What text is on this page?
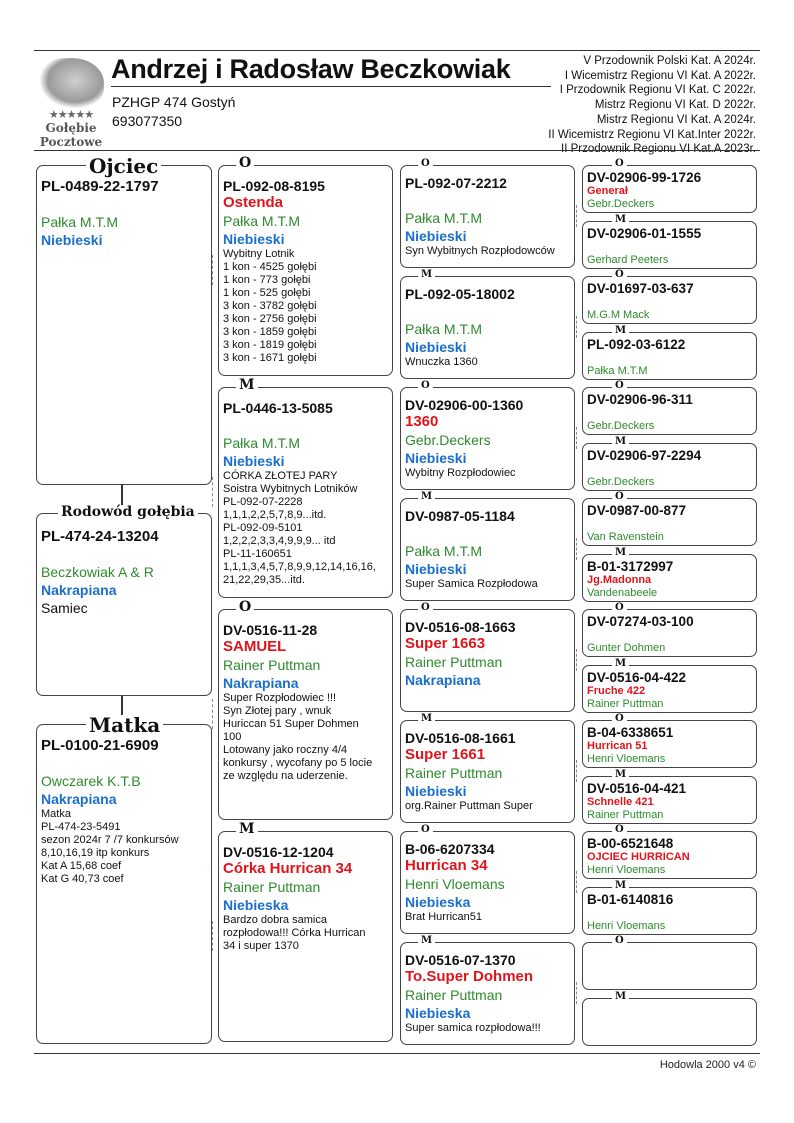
★★★★★
Gołębie
Pocztowe
Andrzej i Radosław Beczkowiak
PZHGP 474 Gostyń
693077350
V Przodownik Polski Kat. A 2024r.
I Wicemistrz Regionu VI Kat. A 2022r.
I Przodownik Regionu VI Kat. C 2022r.
Mistrz Regionu VI Kat. D 2022r.
Mistrz Regionu VI Kat. A 2024r.
II Wicemistrz Regionu VI Kat.Inter 2022r.
II Przodownik Regionu VI Kat.A 2023r.
PL-0489-22-1797
Pałka M.T.M
Niebieski
Ojciec
PL-474-24-13204
Beczkowiak A & R
Nakrapiana
Samiec
Rodowód gołębia
PL-0100-21-6909
Owczarek K.T.B
Nakrapiana
Matka
PL-474-23-5491
sezon 2024r 7 /7 konkursów
8,10,16,19 itp konkurs
Kat A 15,68 coef
Kat G 40,73 coef
Matka
PL-092-08-8195
Ostenda
Pałka M.T.M
Niebieski
Wybitny Lotnik
1 kon - 4525 gołębi
1 kon - 773 gołębi
1 kon - 525 gołębi
3 kon - 3782 gołębi
3 kon - 2756 gołębi
3 kon - 1859 gołębi
3 kon - 1819 gołębi
3 kon - 1671 gołębi
O
PL-0446-13-5085
Pałka M.T.M
Niebieski
CÓRKA ZŁOTEJ PARY
Soistra Wybitnych Lotników
PL-092-07-2228
1,1,1,2,2,5,7,8,9...itd.
PL-092-09-5101
1,2,2,2,3,3,4,9,9,9... itd
PL-11-160651
1,1,1,3,4,5,7,8,9,9,12,14,16,16,
21,22,29,35...itd.
M
DV-0516-11-28
SAMUEL
Rainer Puttman
Nakrapiana
Super Rozpłodowiec !!!
Syn Złotej pary , wnuk
Huriccan 51 Super Dohmen
100
Lotowany jako roczny 4/4
konkursy , wycofany po 5 locie
ze względu na uderzenie.
O
DV-0516-12-1204
Córka Hurrican 34
Rainer Puttman
Niebieska
Bardzo dobra samica
rozpłodowa!!! Córka Hurrican
34 i super 1370
M
PL-092-07-2212
Pałka M.T.M
Niebieski
Syn Wybitnych Rozpłodowców
O
PL-092-05-18002
Pałka M.T.M
Niebieski
Wnuczka 1360
M
DV-02906-00-1360
1360
Gebr.Deckers
Niebieski
Wybitny Rozpłodowiec
O
DV-0987-05-1184
Pałka M.T.M
Niebieski
Super Samica Rozpłodowa
M
DV-0516-08-1663
Super 1663
Rainer Puttman
Nakrapiana
O
DV-0516-08-1661
Super 1661
Rainer Puttman
Niebieski
org.Rainer Puttman Super
M
B-06-6207334
Hurrican 34
Henri Vloemans
Niebieska
Brat Hurrican51
O
DV-0516-07-1370
To.Super Dohmen
Rainer Puttman
Niebieska
Super samica rozpłodowa!!!
M
DV-02906-99-1726
Generał
Gebr.Deckers
O
DV-02906-01-1555
Gerhard Peeters
M
DV-01697-03-637
M.G.M Mack
O
PL-092-03-6122
Pałka M.T.M
M
DV-02906-96-311
Gebr.Deckers
O
DV-02906-97-2294
Gebr.Deckers
M
DV-0987-00-877
Van Ravenstein
O
B-01-3172997
Jg.Madonna
Vandenabeele
M
DV-07274-03-100
Gunter Dohmen
O
DV-0516-04-422
Fruche 422
Rainer Puttman
M
B-04-6338651
Hurrican 51
Henri Vloemans
O
DV-0516-04-421
Schnelle 421
Rainer Puttman
M
B-00-6521648
OJCIEC HURRICAN
Henri Vloemans
O
B-01-6140816
Henri Vloemans
M
O
M
Hodowla 2000 v4 ©
